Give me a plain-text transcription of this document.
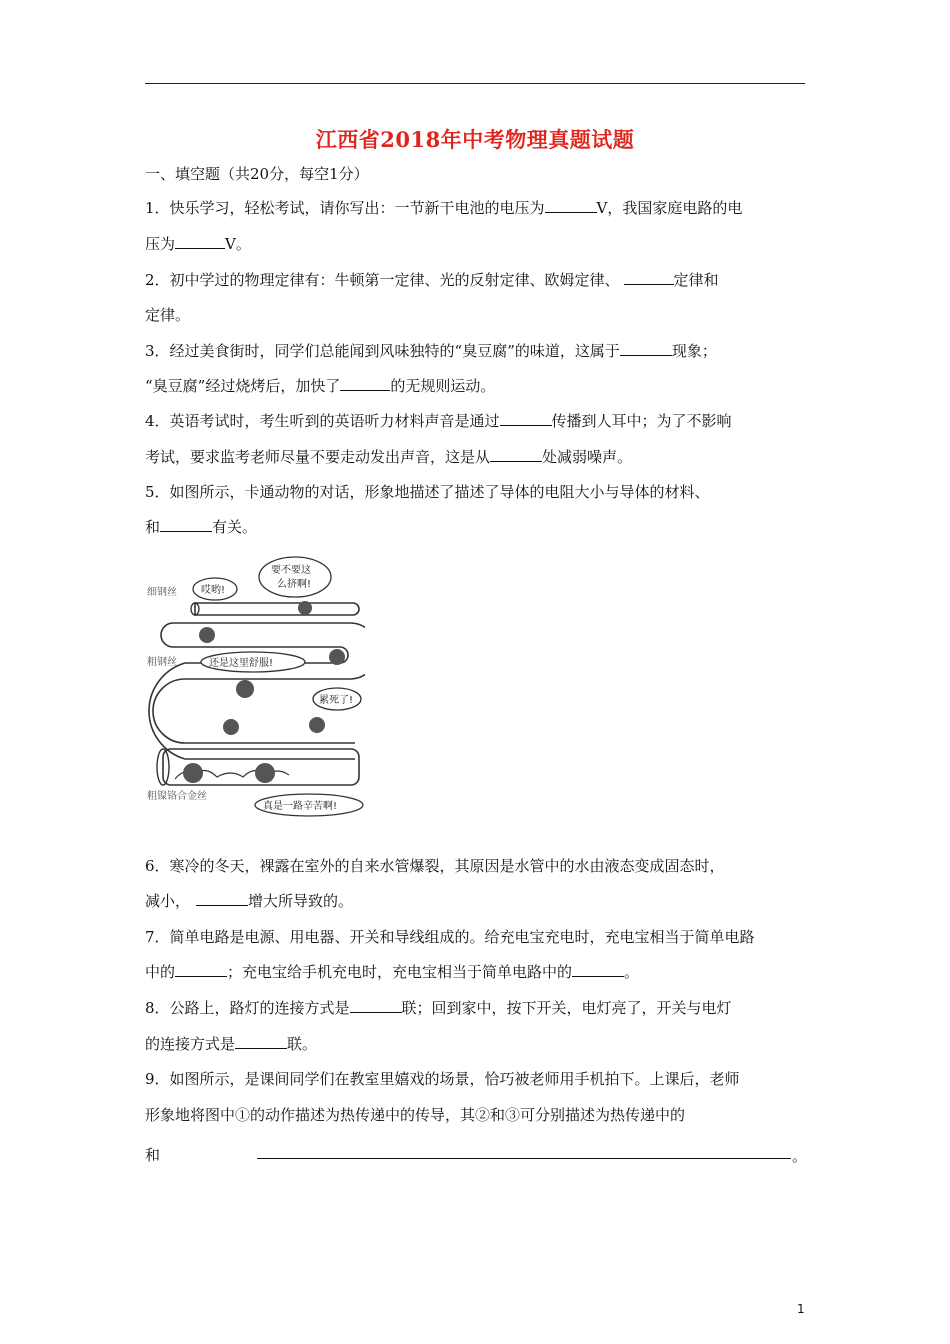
江西省2018年中考物理真题试题
一、填空题（共20分，每空1分）
1．快乐学习，轻松考试，请你写出：一节新干电池的电压为	V，我国家庭电路的电
压为	V。
2．初中学过的物理定律有：牛顿第一定律、光的反射定律、欧姆定律、	定律和
定律。
3．经过美食街时，同学们总能闻到风味独特的“臭豆腐”的味道，这属于	现象；
“臭豆腐”经过烧烤后，加快了	的无规则运动。
4．英语考试时，考生听到的英语听力材料声音是通过	传播到人耳中；为了不影响
考试，要求监考老师尽量不要走动发出声音，这是从	处减弱噪声。
5．如图所示，卡通动物的对话，形象地描述了描述了导体的电阻大小与导体的材料、
和	有关。
细钢丝 哎哟!
要不要这
么挤啊!
粗钢丝	还是这里舒服!
累死了!
粗镍铬合金丝
真是一路辛苦啊!
6．寒冷的冬天，裸露在室外的自来水管爆裂，其原因是水管中的水由液态变成固态时，
减小，	增大所导致的。
7．简单电路是电源、用电器、开关和导线组成的。给充电宝充电时，充电宝相当于简单电路
中的	；充电宝给手机充电时，充电宝相当于简单电路中的	。
8．公路上，路灯的连接方式是	联；回到家中，按下开关，电灯亮了，开关与电灯
的连接方式是	联。
9．如图所示，是课间同学们在教室里嬉戏的场景，恰巧被老师用手机拍下。上课后，老师
形象地将图中①的动作描述为热传递中的传导，其②和③可分别描述为热传递中的
和	。
1
